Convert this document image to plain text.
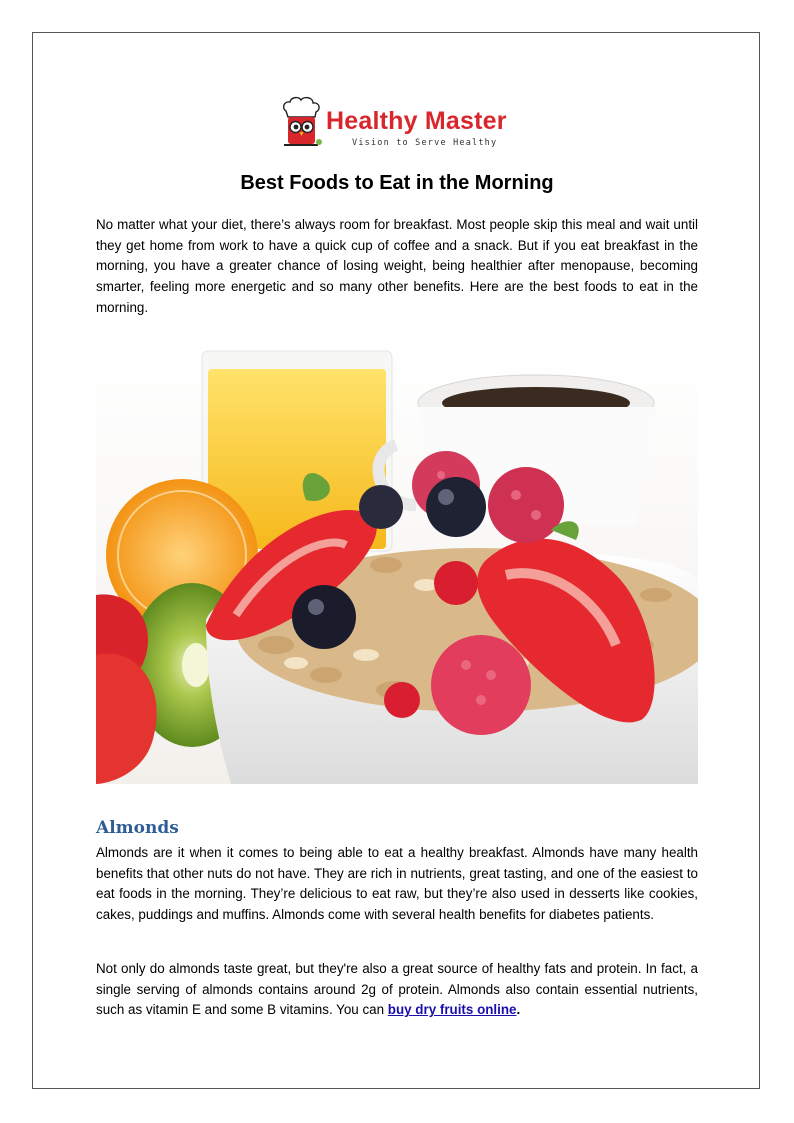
Healthy Master
Vision to Serve Healthy
Best Foods to Eat in the Morning

No matter what your diet, there’s always room for breakfast. Most people skip this meal and wait until they get home from work to have a quick cup of coffee and a snack. But if you eat breakfast in the morning, you have a greater chance of losing weight, being healthier after menopause, becoming smarter, feeling more energetic and so many other benefits. Here are the best foods to eat in the morning.

Almonds

Almonds are it when it comes to being able to eat a healthy breakfast. Almonds have many health benefits that other nuts do not have. They are rich in nutrients, great tasting, and one of the easiest to eat foods in the morning. They’re delicious to eat raw, but they’re also used in desserts like cookies, cakes, puddings and muffins. Almonds come with several health benefits for diabetes patients.

Not only do almonds taste great, but they're also a great source of healthy fats and protein. In fact, a single serving of almonds contains around 2g of protein. Almonds also contain essential nutrients, such as vitamin E and some B vitamins. You can buy dry fruits online.
